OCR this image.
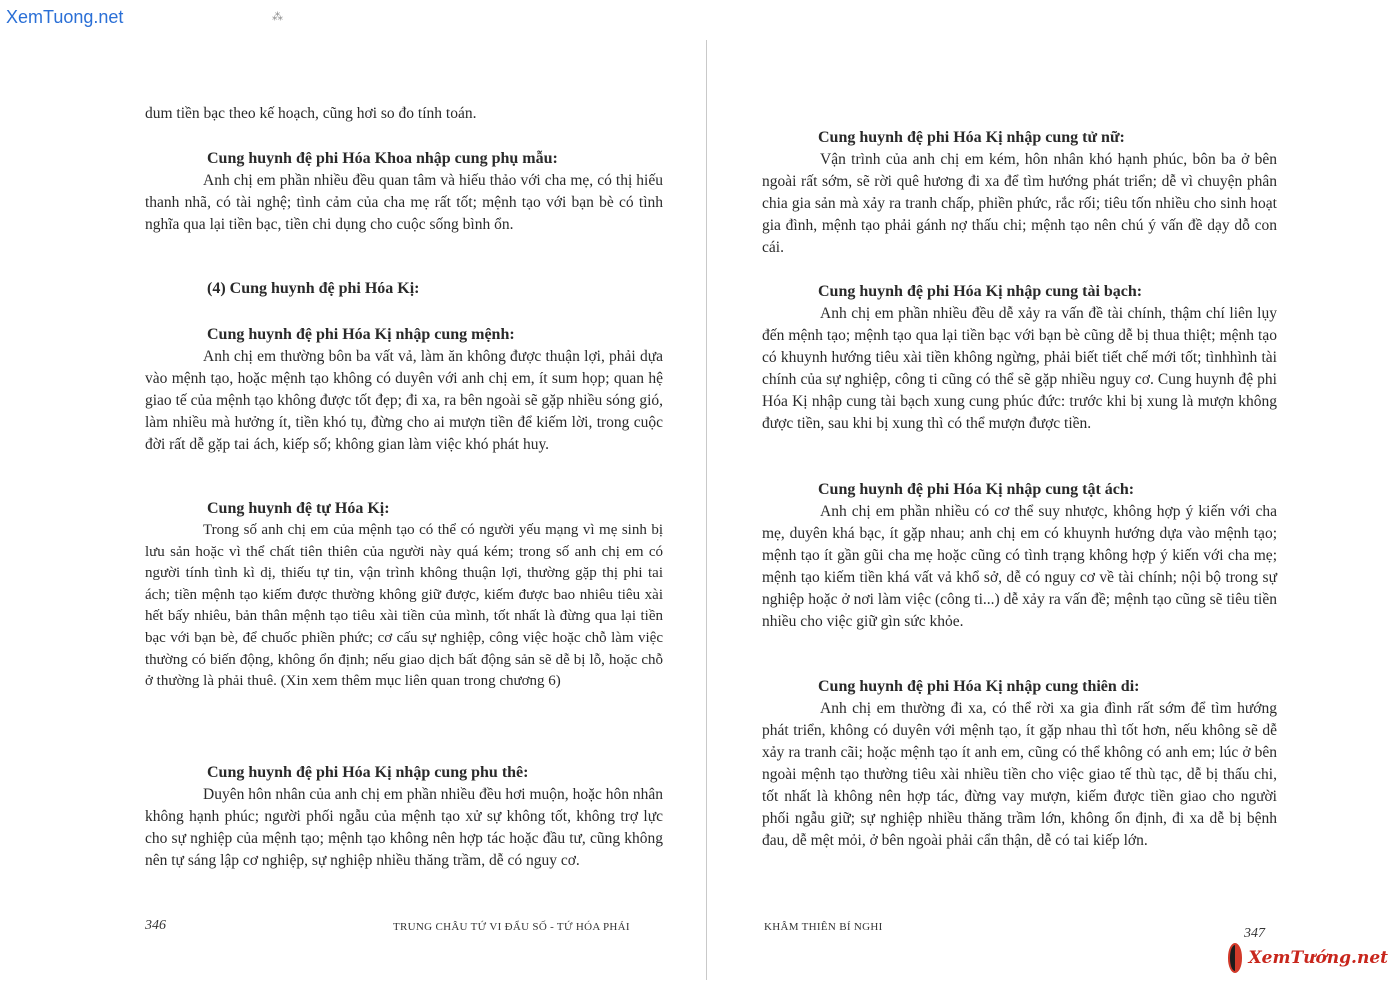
XemTuong.net	⁂

dum tiền bạc theo kế hoạch, cũng hơi so đo tính toán.

Cung huynh đệ phi Hóa Khoa nhập cung phụ mẫu:

Anh chị em phần nhiều đều quan tâm và hiếu thảo với cha mẹ, có thị hiếu thanh nhã, có tài nghệ; tình cảm của cha mẹ rất tốt; mệnh tạo với bạn bè có tình nghĩa qua lại tiền bạc, tiền chi dụng cho cuộc sống bình ổn.

(4) Cung huynh đệ phi Hóa Kị:

Cung huynh đệ phi Hóa Kị nhập cung mệnh:

Anh chị em thường bôn ba vất vả, làm ăn không được thuận lợi, phải dựa vào mệnh tạo, hoặc mệnh tạo không có duyên với anh chị em, ít sum họp; quan hệ giao tế của mệnh tạo không được tốt đẹp; đi xa, ra bên ngoài sẽ gặp nhiều sóng gió, làm nhiều mà hưởng ít, tiền khó tụ, đừng cho ai mượn tiền để kiếm lời, trong cuộc đời rất dễ gặp tai ách, kiếp số; không gian làm việc khó phát huy.

Cung huynh đệ tự Hóa Kị:

Trong số anh chị em của mệnh tạo có thể có người yếu mạng vì mẹ sinh bị lưu sản hoặc vì thể chất tiên thiên của người này quá kém; trong số anh chị em có người tính tình kì dị, thiếu tự tin, vận trình không thuận lợi, thường gặp thị phi tai ách; tiền mệnh tạo kiếm được thường không giữ được, kiếm được bao nhiêu tiêu xài hết bấy nhiêu, bản thân mệnh tạo tiêu xài tiền của mình, tốt nhất là đừng qua lại tiền bạc với bạn bè, để chuốc phiền phức; cơ cấu sự nghiệp, công việc hoặc chỗ làm việc thường có biến động, không ổn định; nếu giao dịch bất động sản sẽ dễ bị lỗ, hoặc chỗ ở thường là phải thuê. (Xin xem thêm mục liên quan trong chương 6)

Cung huynh đệ phi Hóa Kị nhập cung phu thê:

Duyên hôn nhân của anh chị em phần nhiều đều hơi muộn, hoặc hôn nhân không hạnh phúc; người phối ngẫu của mệnh tạo xử sự không tốt, không trợ lực cho sự nghiệp của mệnh tạo; mệnh tạo không nên hợp tác hoặc đầu tư, cũng không nên tự sáng lập cơ nghiệp, sự nghiệp nhiều thăng trầm, dễ có nguy cơ.

346	TRUNG CHÂU TỨ VI ĐẨU SỐ - TỨ HÓA PHÁI

Cung huynh đệ phi Hóa Kị nhập cung tử nữ:

Vận trình của anh chị em kém, hôn nhân khó hạnh phúc, bôn ba ở bên ngoài rất sớm, sẽ rời quê hương đi xa để tìm hướng phát triển; dễ vì chuyện phân chia gia sản mà xảy ra tranh chấp, phiền phức, rắc rối; tiêu tốn nhiều cho sinh hoạt gia đình, mệnh tạo phải gánh nợ thấu chi; mệnh tạo nên chú ý vấn đề dạy dỗ con cái.

Cung huynh đệ phi Hóa Kị nhập cung tài bạch:

Anh chị em phần nhiều đều dễ xảy ra vấn đề tài chính, thậm chí liên lụy đến mệnh tạo; mệnh tạo qua lại tiền bạc với bạn bè cũng dễ bị thua thiệt; mệnh tạo có khuynh hướng tiêu xài tiền không ngừng, phải biết tiết chế mới tốt; tìnhhình tài chính của sự nghiệp, công ti cũng có thể sẽ gặp nhiều nguy cơ. Cung huynh đệ phi Hóa Kị nhập cung tài bạch xung cung phúc đức: trước khi bị xung là mượn không được tiền, sau khi bị xung thì có thể mượn được tiền.

Cung huynh đệ phi Hóa Kị nhập cung tật ách:

Anh chị em phần nhiều có cơ thể suy nhược, không hợp ý kiến với cha mẹ, duyên khá bạc, ít gặp nhau; anh chị em có khuynh hướng dựa vào mệnh tạo; mệnh tạo ít gần gũi cha mẹ hoặc cũng có tình trạng không hợp ý kiến với cha mẹ; mệnh tạo kiếm tiền khá vất vả khổ sở, dễ có nguy cơ về tài chính; nội bộ trong sự nghiệp hoặc ở nơi làm việc (công ti...) dễ xảy ra vấn đề; mệnh tạo cũng sẽ tiêu tiền nhiều cho việc giữ gìn sức khỏe.

Cung huynh đệ phi Hóa Kị nhập cung thiên di:

Anh chị em thường đi xa, có thể rời xa gia đình rất sớm để tìm hướng phát triển, không có duyên với mệnh tạo, ít gặp nhau thì tốt hơn, nếu không sẽ dễ xảy ra tranh cãi; hoặc mệnh tạo ít anh em, cũng có thể không có anh em; lúc ở bên ngoài mệnh tạo thường tiêu xài nhiều tiền cho việc giao tế thù tạc, dễ bị thấu chi, tốt nhất là không nên hợp tác, đừng vay mượn, kiếm được tiền giao cho người phối ngẫu giữ; sự nghiệp nhiều thăng trầm lớn, không ổn định, đi xa dễ bị bệnh đau, dễ mệt mỏi, ở bên ngoài phải cẩn thận, dễ có tai kiếp lớn.

KHÂM THIÊN BÍ NGHI	347
XemTướng.net
